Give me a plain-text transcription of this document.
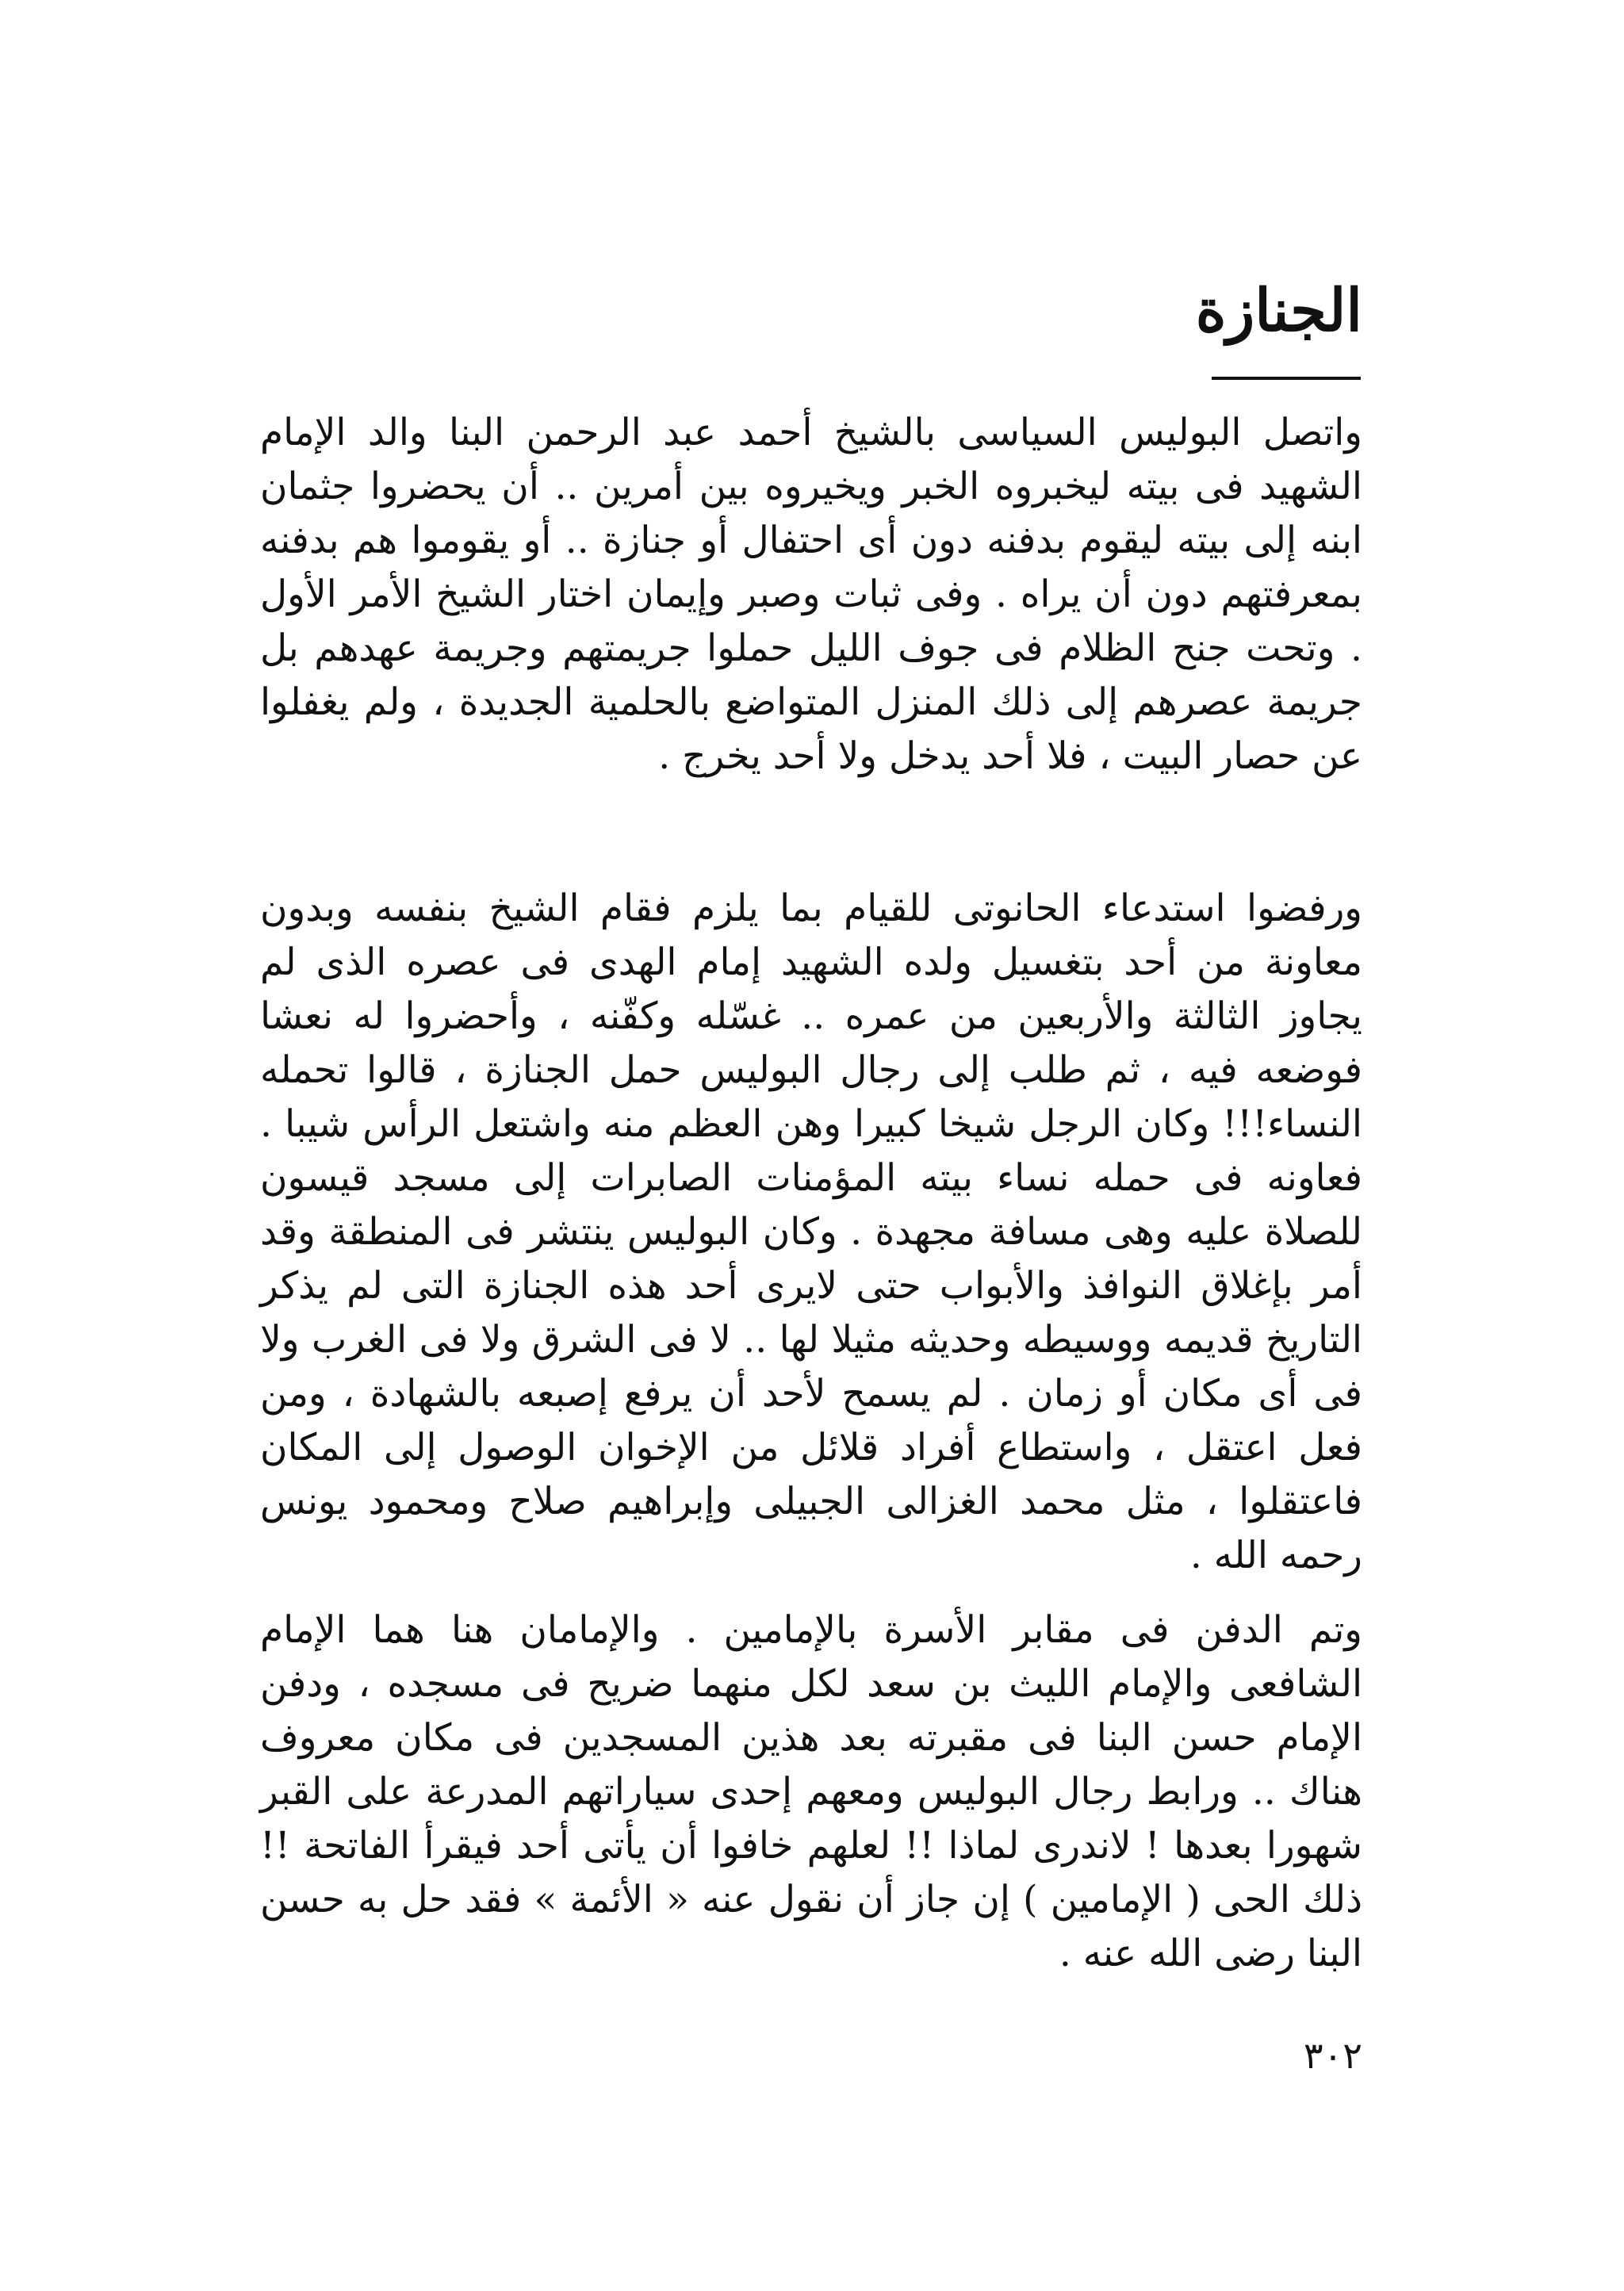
الجنازة

واتصل البوليس السياسى بالشيخ أحمد عبد الرحمن البنا والد الإمام الشهيد فى بيته ليخبروه الخبر ويخيروه بين أمرين .. أن يحضروا جثمان ابنه إلى بيته ليقوم بدفنه دون أى احتفال أو جنازة .. أو يقوموا هم بدفنه بمعرفتهم دون أن يراه . وفى ثبات وصبر وإيمان اختار الشيخ الأمر الأول . وتحت جنح الظلام فى جوف الليل حملوا جريمتهم وجريمة عهدهم بل جريمة عصرهم إلى ذلك المنزل المتواضع بالحلمية الجديدة ، ولم يغفلوا عن حصار البيت ، فلا أحد يدخل ولا أحد يخرج .

ورفضوا استدعاء الحانوتى للقيام بما يلزم فقام الشيخ بنفسه وبدون معاونة من أحد بتغسيل ولده الشهيد إمام الهدى فى عصره الذى لم يجاوز الثالثة والأربعين من عمره .. غسّله وكفّنه ، وأحضروا له نعشا فوضعه فيه ، ثم طلب إلى رجال البوليس حمل الجنازة ، قالوا تحمله النساء!!! وكان الرجل شيخا كبيرا وهن العظم منه واشتعل الرأس شيبا . فعاونه فى حمله نساء بيته المؤمنات الصابرات إلى مسجد قيسون للصلاة عليه وهى مسافة مجهدة . وكان البوليس ينتشر فى المنطقة وقد أمر بإغلاق النوافذ والأبواب حتى لايرى أحد هذه الجنازة التى لم يذكر التاريخ قديمه ووسيطه وحديثه مثيلا لها .. لا فى الشرق ولا فى الغرب ولا فى أى مكان أو زمان . لم يسمح لأحد أن يرفع إصبعه بالشهادة ، ومن فعل اعتقل ، واستطاع أفراد قلائل من الإخوان الوصول إلى المكان فاعتقلوا ، مثل محمد الغزالى الجبيلى وإبراهيم صلاح ومحمود يونس رحمه الله .

وتم الدفن فى مقابر الأسرة بالإمامين . والإمامان هنا هما الإمام الشافعى والإمام الليث بن سعد لكل منهما ضريح فى مسجده ، ودفن الإمام حسن البنا فى مقبرته بعد هذين المسجدين فى مكان معروف هناك .. ورابط رجال البوليس ومعهم إحدى سياراتهم المدرعة على القبر شهورا بعدها ! لاندرى لماذا !! لعلهم خافوا أن يأتى أحد فيقرأ الفاتحة !! ذلك الحى ( الإمامين ) إن جاز أن نقول عنه « الأئمة » فقد حل به حسن البنا رضى الله عنه .

٣٠٢
